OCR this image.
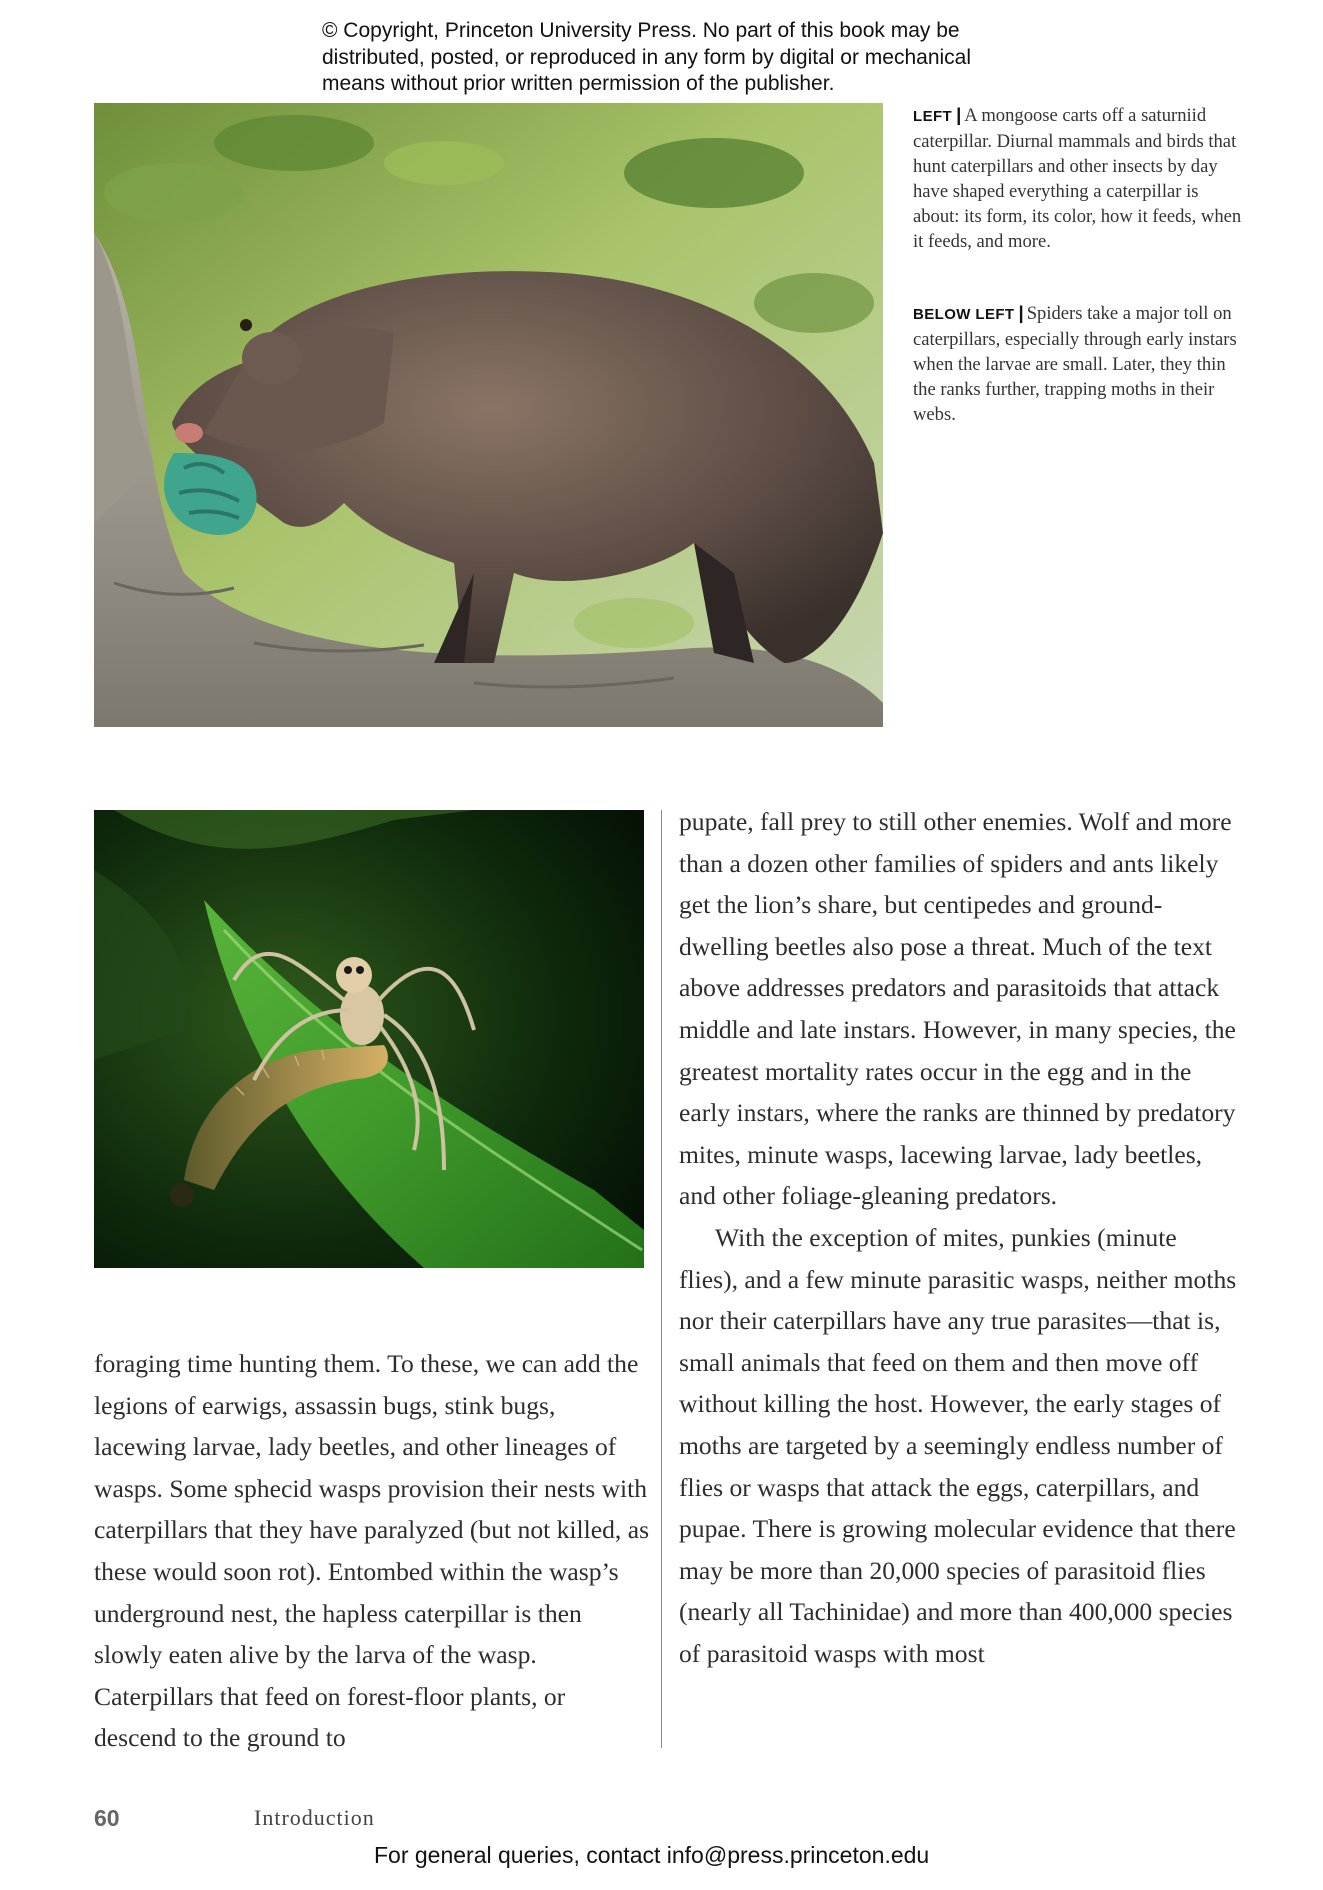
© Copyright, Princeton University Press. No part of this book may be
distributed, posted, or reproduced in any form by digital or mechanical
means without prior written permission of the publisher.
LEFT | A mongoose carts off a saturniid caterpillar. Diurnal mammals and birds that hunt caterpillars and other insects by day have shaped everything a caterpillar is about: its form, its color, how it feeds, when it feeds, and more.
BELOW LEFT | Spiders take a major toll on caterpillars, especially through early instars when the larvae are small. Later, they thin the ranks further, trapping moths in their webs.

foraging time hunting them. To these, we can add the legions of earwigs, assassin bugs, stink bugs, lacewing larvae, lady beetles, and other lineages of wasps. Some sphecid wasps provision their nests with caterpillars that they have paralyzed (but not killed, as these would soon rot). Entombed within the wasp’s underground nest, the hapless caterpillar is then slowly eaten alive by the larva of the wasp. Caterpillars that feed on forest-floor plants, or descend to the ground to

pupate, fall prey to still other enemies. Wolf and more than a dozen other families of spiders and ants likely get the lion’s share, but centipedes and ground-dwelling beetles also pose a threat. Much of the text above addresses predators and parasitoids that attack middle and late instars. However, in many species, the greatest mortality rates occur in the egg and in the early instars, where the ranks are thinned by predatory mites, minute wasps, lacewing larvae, lady beetles, and other foliage-gleaning predators.

With the exception of mites, punkies (minute flies), and a few minute parasitic wasps, neither moths nor their caterpillars have any true parasites—that is, small animals that feed on them and then move off without killing the host. However, the early stages of moths are targeted by a seemingly endless number of flies or wasps that attack the eggs, caterpillars, and pupae. There is growing molecular evidence that there may be more than 20,000 species of parasitoid flies (nearly all Tachinidae) and more than 400,000 species of parasitoid wasps with most

60	Introduction
For general queries, contact info@press.princeton.edu
